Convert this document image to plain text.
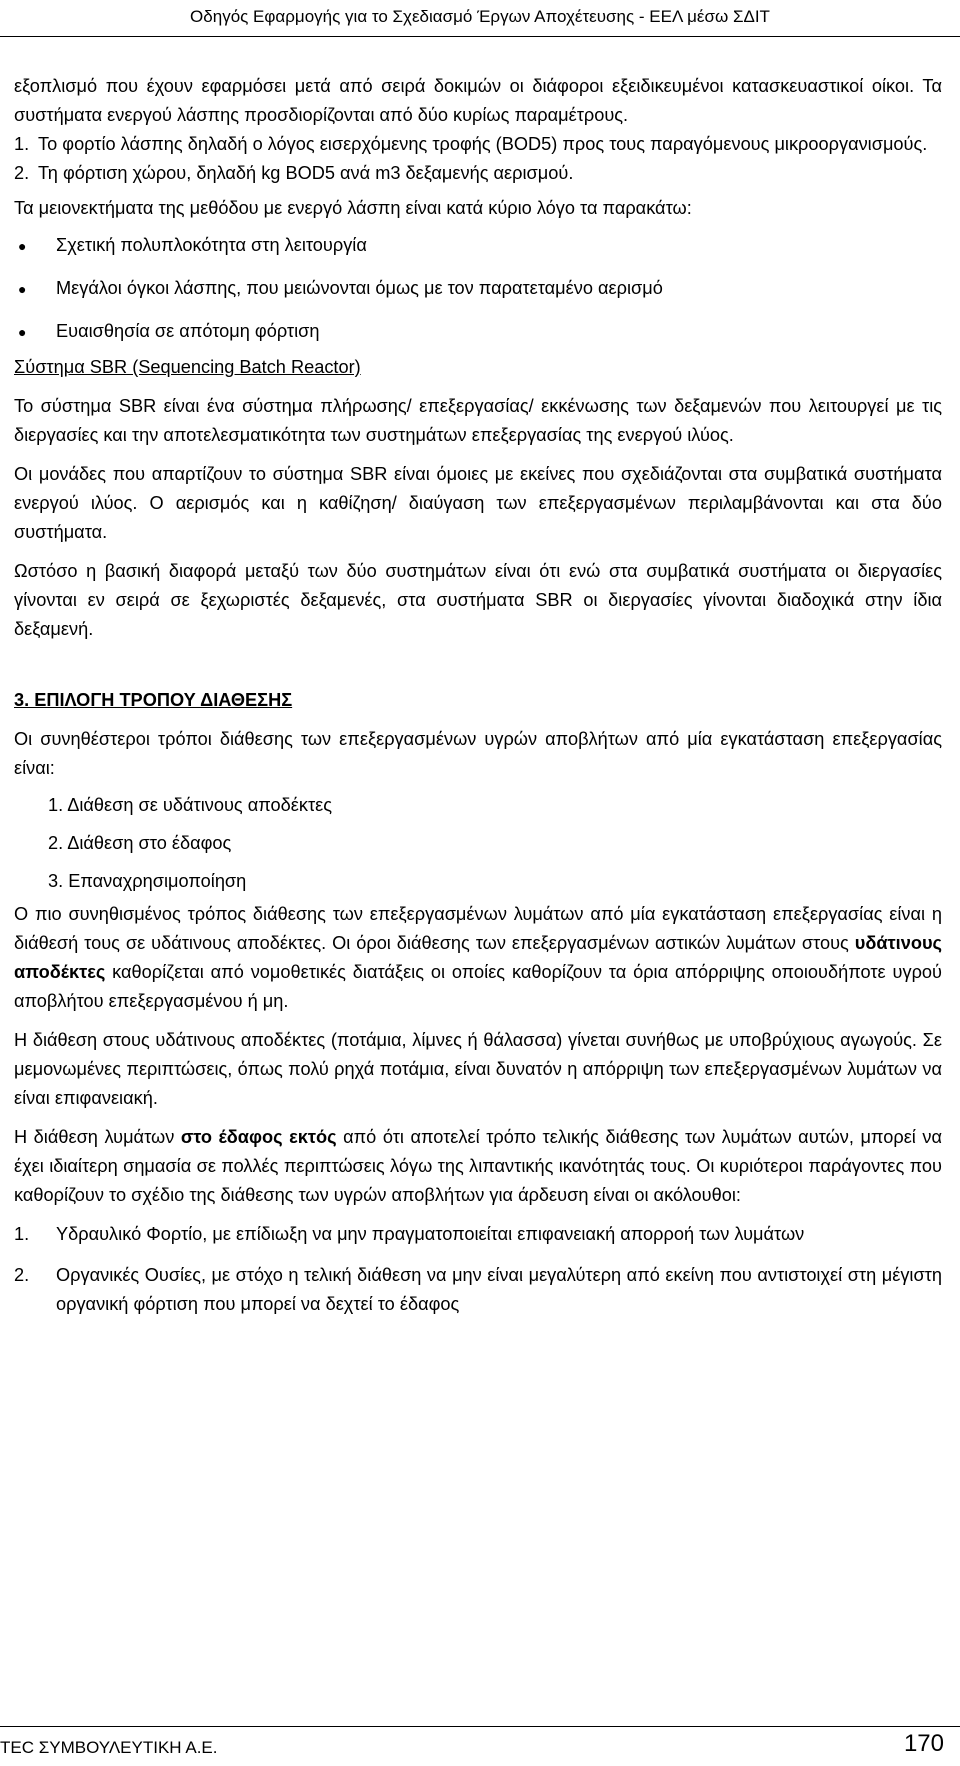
Οδηγός Εφαρμογής για το Σχεδιασμό Έργων Αποχέτευσης - ΕΕΛ μέσω ΣΔΙΤ

εξοπλισμό που έχουν εφαρμόσει μετά από σειρά δοκιμών οι διάφοροι εξειδικευμένοι κατασκευαστικοί οίκοι. Τα συστήματα ενεργού λάσπης προσδιορίζονται από δύο κυρίως παραμέτρους.

1. Το φορτίο λάσπης δηλαδή ο λόγος εισερχόμενης τροφής (BOD5) προς τους παραγόμενους μικροοργανισμούς.
2. Τη φόρτιση χώρου, δηλαδή kg BOD5 ανά m3 δεξαμενής αερισμού.

Τα μειονεκτήματα της μεθόδου με ενεργό λάσπη είναι κατά κύριο λόγο τα παρακάτω:

●	Σχετική πολυπλοκότητα στη λειτουργία
●	Μεγάλοι όγκοι λάσπης, που μειώνονται όμως με τον παρατεταμένο αερισμό
●	Ευαισθησία σε απότομη φόρτιση

Σύστημα SBR (Sequencing Batch Reactor)

Το σύστημα SBR είναι ένα σύστημα πλήρωσης/ επεξεργασίας/ εκκένωσης των δεξαμενών που λειτουργεί με τις διεργασίες και την αποτελεσματικότητα των συστημάτων επεξεργασίας της ενεργού ιλύος.

Οι μονάδες που απαρτίζουν το σύστημα SBR είναι όμοιες με εκείνες που σχεδιάζονται στα συμβατικά συστήματα ενεργού ιλύος. Ο αερισμός και η καθίζηση/ διαύγαση των επεξεργασμένων περιλαμβάνονται και στα δύο συστήματα.

Ωστόσο η βασική διαφορά μεταξύ των δύο συστημάτων είναι ότι ενώ στα συμβατικά συστήματα οι διεργασίες γίνονται εν σειρά σε ξεχωριστές δεξαμενές, στα συστήματα SBR οι διεργασίες γίνονται διαδοχικά στην ίδια δεξαμενή.

3. ΕΠΙΛΟΓΗ ΤΡΟΠΟΥ ΔΙΑΘΕΣΗΣ

Οι συνηθέστεροι τρόποι διάθεσης των επεξεργασμένων υγρών αποβλήτων από μία εγκατάσταση επεξεργασίας είναι:

1. Διάθεση σε υδάτινους αποδέκτες

2. Διάθεση στο έδαφος

3. Επαναχρησιμοποίηση

Ο πιο συνηθισμένος τρόπος διάθεσης των επεξεργασμένων λυμάτων από μία εγκατάσταση επεξεργασίας είναι η διάθεσή τους σε υδάτινους αποδέκτες. Οι όροι διάθεσης των επεξεργασμένων αστικών λυμάτων στους υδάτινους αποδέκτες καθορίζεται από νομοθετικές διατάξεις οι οποίες καθορίζουν τα όρια απόρριψης οποιουδήποτε υγρού αποβλήτου επεξεργασμένου ή μη.

Η διάθεση στους υδάτινους αποδέκτες (ποτάμια, λίμνες ή θάλασσα) γίνεται συνήθως με υποβρύχιους αγωγούς. Σε μεμονωμένες περιπτώσεις, όπως πολύ ρηχά ποτάμια, είναι δυνατόν η απόρριψη των επεξεργασμένων λυμάτων να είναι επιφανειακή.

Η διάθεση λυμάτων στο έδαφος εκτός από ότι αποτελεί τρόπο τελικής διάθεσης των λυμάτων αυτών, μπορεί να έχει ιδιαίτερη σημασία σε πολλές περιπτώσεις λόγω της λιπαντικής ικανότητάς τους. Οι κυριότεροι παράγοντες που καθορίζουν το σχέδιο της διάθεσης των υγρών αποβλήτων για άρδευση είναι οι ακόλουθοι:

1.	Υδραυλικό Φορτίο, με επίδιωξη να μην πραγματοποιείται επιφανειακή απορροή των λυμάτων
2.	Οργανικές Ουσίες, με στόχο η τελική διάθεση να μην είναι μεγαλύτερη από εκείνη που αντιστοιχεί στη μέγιστη οργανική φόρτιση που μπορεί να δεχτεί το έδαφος
ΤΕC ΣΥΜΒΟΥΛΕΥΤΙΚΗ Α.Ε.	170
